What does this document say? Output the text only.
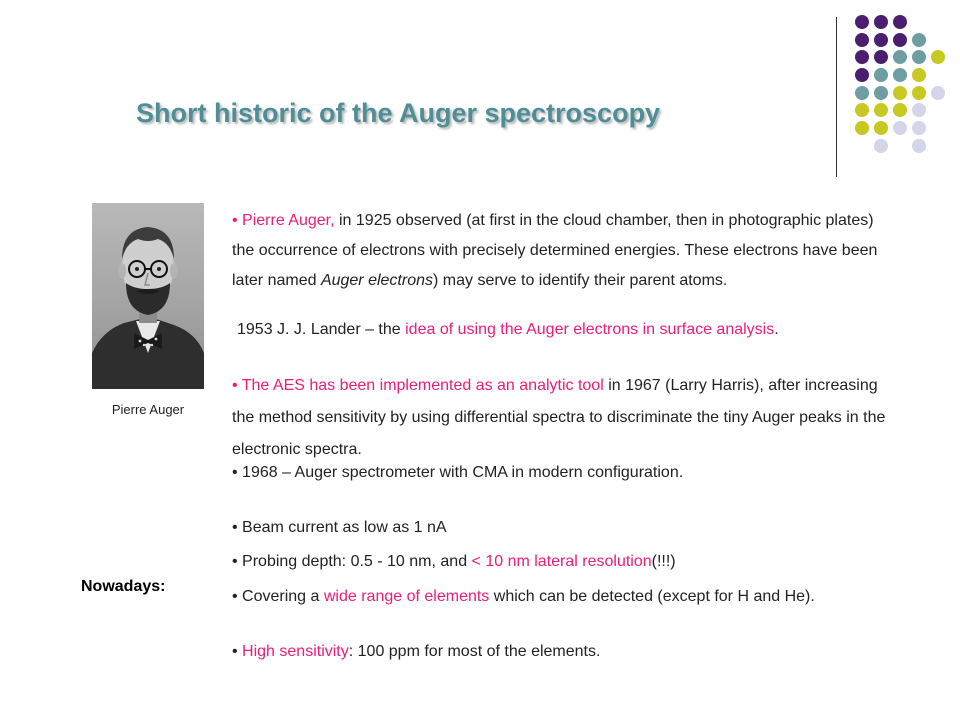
Short historic of the Auger spectroscopy
Pierre Auger
Nowadays:

• Pierre Auger, in 1925 observed (at first in the cloud chamber, then in photographic plates) the occurrence of electrons with precisely determined energies. These electrons have been later named Auger electrons) may serve to identify their parent atoms.

1953 J. J. Lander – the idea of using the Auger electrons in surface analysis.

• The AES has been implemented as an analytic tool in 1967 (Larry Harris), after increasing the method sensitivity by using differential spectra to discriminate the tiny Auger peaks in the electronic spectra.

• 1968 – Auger spectrometer with CMA in modern configuration.

• Beam current as low as 1 nA

• Probing depth: 0.5 - 10 nm, and < 10 nm lateral resolution(!!!)

• Covering a wide range of elements which can be detected (except for H and He).

• High sensitivity: 100 ppm for most of the elements.
